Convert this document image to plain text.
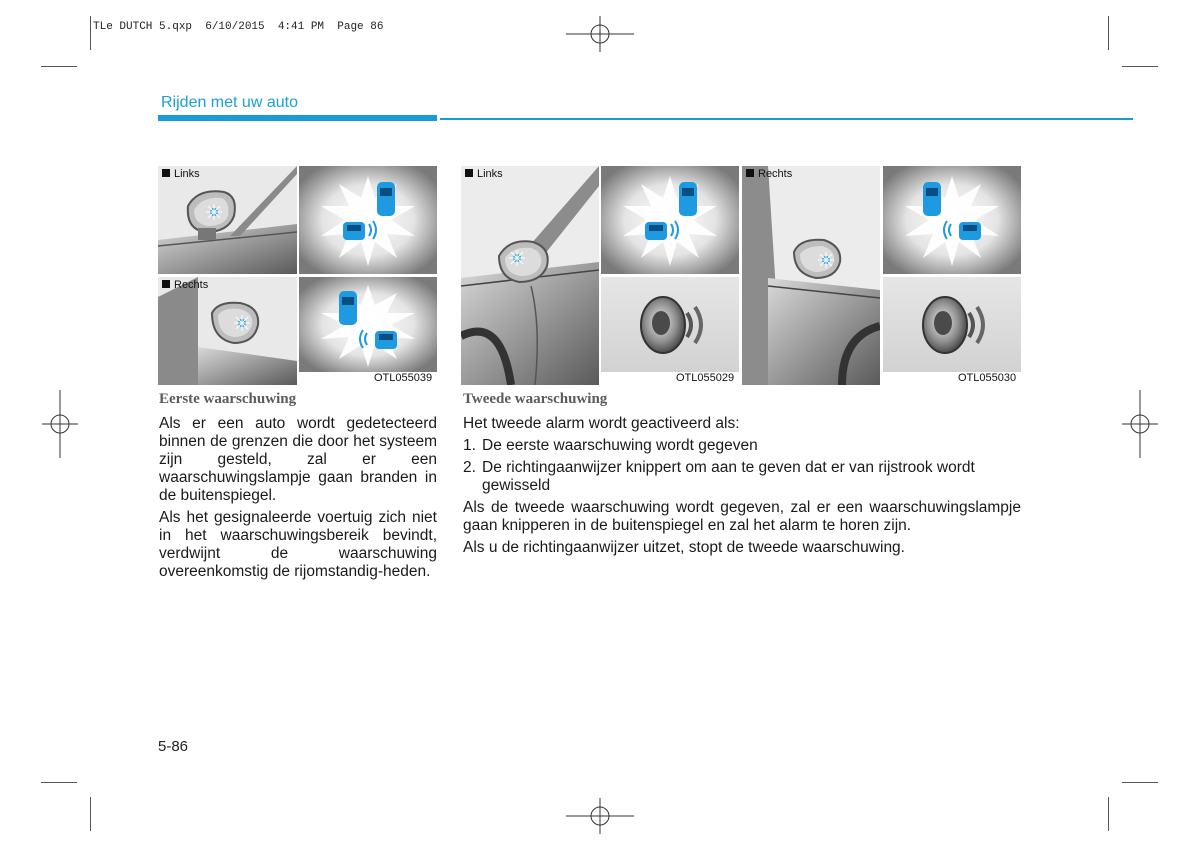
TLe DUTCH 5.qxp  6/10/2015  4:41 PM  Page 86
Rijden met uw auto
Links
Rechts
OTL055039
Links
OTL055029
Rechts
OTL055030
Eerste waarschuwing

Als er een auto wordt gedetecteerd binnen de grenzen die door het systeem zijn gesteld, zal er een waarschuwingslampje gaan branden in de buitenspiegel.

Als het gesignaleerde voertuig zich niet in het waarschuwingsbereik bevindt, verdwijnt de waarschuwing overeenkomstig de rijomstandig-heden.

Tweede waarschuwing

Het tweede alarm wordt geactiveerd als:

1. De eerste waarschuwing wordt gegeven
2. De richtingaanwijzer knippert om aan te geven dat er van rijstrook wordt gewisseld

Als de tweede waarschuwing wordt gegeven, zal er een waarschuwingslampje gaan knipperen in de buitenspiegel en zal het alarm te horen zijn.

Als u de richtingaanwijzer uitzet, stopt de tweede waarschuwing.

5-86
